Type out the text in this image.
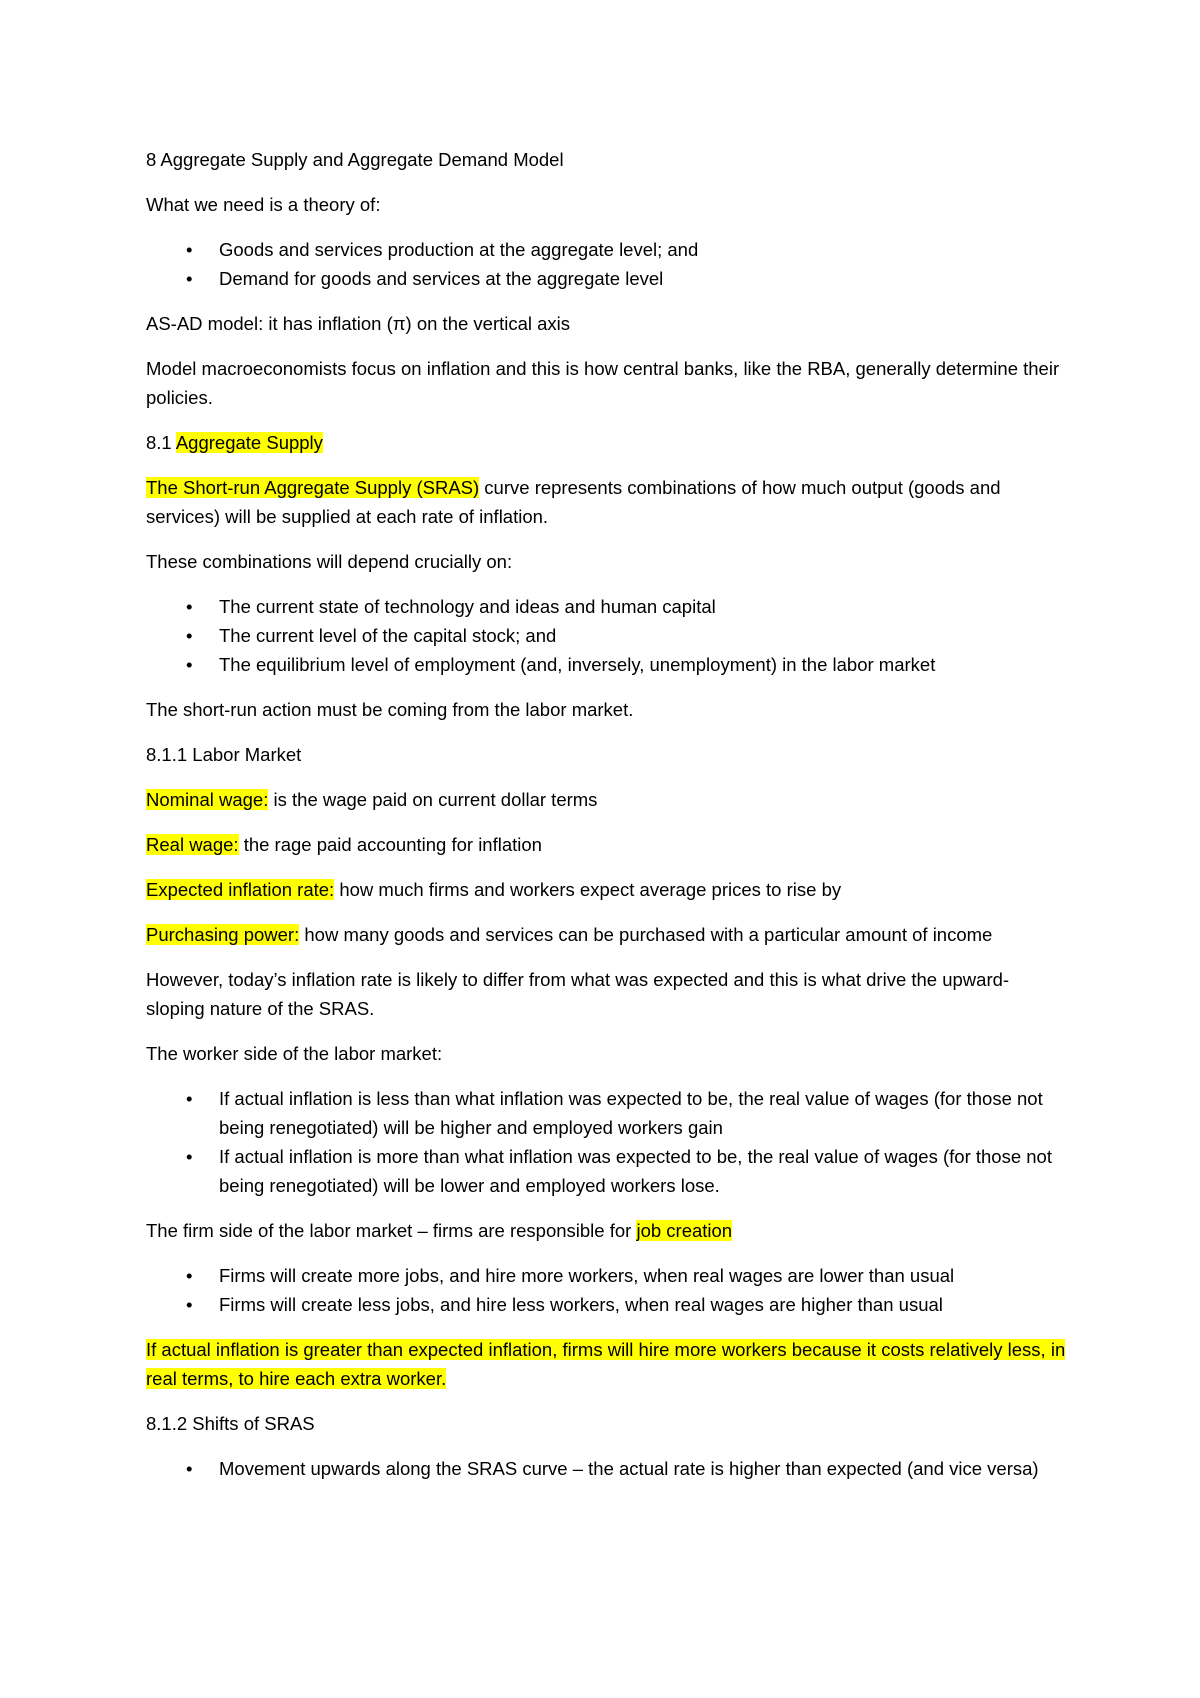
8 Aggregate Supply and Aggregate Demand Model

What we need is a theory of:

• Goods and services production at the aggregate level; and
• Demand for goods and services at the aggregate level

AS-AD model: it has inflation (π) on the vertical axis

Model macroeconomists focus on inflation and this is how central banks, like the RBA, generally determine their policies.

8.1 Aggregate Supply

The Short-run Aggregate Supply (SRAS) curve represents combinations of how much output (goods and services) will be supplied at each rate of inflation.

These combinations will depend crucially on:

• The current state of technology and ideas and human capital
• The current level of the capital stock; and
• The equilibrium level of employment (and, inversely, unemployment) in the labor market

The short-run action must be coming from the labor market.

8.1.1 Labor Market

Nominal wage: is the wage paid on current dollar terms

Real wage: the rage paid accounting for inflation

Expected inflation rate: how much firms and workers expect average prices to rise by

Purchasing power: how many goods and services can be purchased with a particular amount of income

However, today’s inflation rate is likely to differ from what was expected and this is what drive the upward-sloping nature of the SRAS.

The worker side of the labor market:

• If actual inflation is less than what inflation was expected to be, the real value of wages (for those not being renegotiated) will be higher and employed workers gain
• If actual inflation is more than what inflation was expected to be, the real value of wages (for those not being renegotiated) will be lower and employed workers lose.

The firm side of the labor market – firms are responsible for job creation

• Firms will create more jobs, and hire more workers, when real wages are lower than usual
• Firms will create less jobs, and hire less workers, when real wages are higher than usual

If actual inflation is greater than expected inflation, firms will hire more workers because it costs relatively less, in real terms, to hire each extra worker.

8.1.2 Shifts of SRAS

• Movement upwards along the SRAS curve – the actual rate is higher than expected (and vice versa)
